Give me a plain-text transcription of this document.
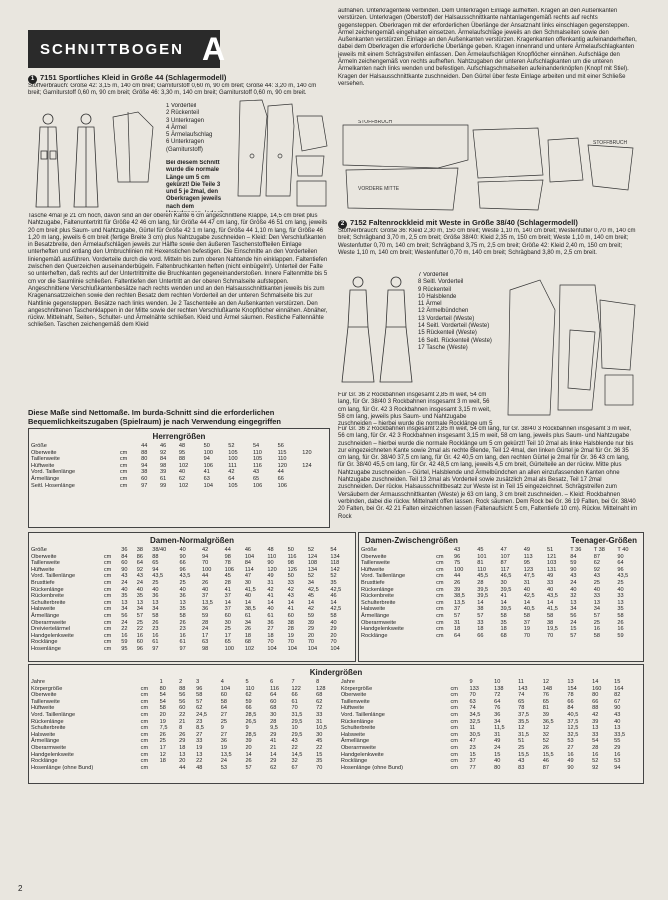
SCHNITTBOGEN A
1 7151 Sportliches Kleid in Größe 44 (Schlagermodell)
Stoffverbrauch: Größe 42: 3,15 m, 140 cm breit; Garniturstoff 0,60 m, 90 cm breit; Größe 44: 3,20 m, 140 cm breit; Garniturstoff 0,60 m, 90 cm breit; Größe 46: 3,30 m, 140 cm breit; Garniturstoff 0,60 m, 90 cm breit.
1 Vorderteil
2 Rückenteil
3 Unterkragen
4 Ärmel
5 Ärmelaufschlag
6 Unterkragen (Garniturstoff)
Bei diesem Schnitt wurde die normale Länge um 5 cm gekürzt! Die Teile 3 und 5 je 2mal, den Oberkragen jeweils nach dem
Tasche 4mal je 21 cm hoch, davon sind an der oberen Kante 6 cm angeschnittene Klappe, 14,5 cm breit plus Nahtzugabe, Faltenuntertritt für Größe 42 46 cm lang, für Größe 44 47 cm lang, für Größe 46 51 cm lang, jeweils 20 cm breit plus Saum- und Nahtzugabe, Gürtel für Größe 42 1 m lang, für Größe 44 1,10 m lang, für Größe 46 1,20 m lang, jeweils 6 cm breit (fertige Breite 3 cm) plus Nahtzugabe zuschneiden – Kleid: Den Verschlußkanten in Besatzbreite, den Ärmelaufschlägen jeweils zur Hälfte sowie den äußeren Taschenstoffteilen Einlage unterheften und entlang den Umbruchlinien mit Hexenstichen befestigen. Die Einschnitte an den Vorderteilen liniengemäß ausführen. Vorderteile durch die vord. Mitteln bis zum oberen Nahtende hin einklappen. Faltentiefen zwischen den Querzeichen auseinanderbügeln. Faltenbruchkanten heften (nicht einbügeln!). Unterteil der Falte so unterheften, daß rechts auf der Untertrittmitte die Bruchkanten gegeneinanderstoßen. Innere Faltenmitte bis 5 cm vor die Saumlinie schließen. Faltentiefen den Untertritt an der oberen Schmalseite aufsteppen. Angeschnittene Verschlußkantenbesätze nach rechts wenden und an den Halsausschnittkanten jeweils bis zum Kragenansatzzeichen sowie den rechten Besatz dem rechten Vorderteil an der unteren Schmalseite bis zur Nahtlinie gegensteppen. Besätze nach links wenden. Je 2 Taschenteile an den Außenkanten verstürzen. Den angeschnittenen Taschenklappen in der Mitte sowie der rechten Verschlußkante Knopflöcher einnähen. Abnäher, rückw. Mittelnaht, Seiten-, Schulter- und Ärmelnähte schließen. Kleid und Ärmel säumen. Restliche Faltennähte schließen. Taschen zeichengemäß dem Kleid
aufnähen. Unterkragenteile verbinden. Dem Unterkragen Einlage aufheften. Kragen an den Außenkanten verstürzen. Unterkragen (Oberstoff) der Halsausschnittkante nahtanlagengemäß rechts auf rechts gegensteppen. Oberkragen mit der erforderlichen Überlänge der Ansatznaht links einschlagen gegensteppen. Ärmel zeichengemäß eingehalten einsetzen. Ärmelaufschläge jeweils an den Schmalseiten sowie den Außenkanten verstürzen. Einlage an den Außenkanten verstürzen. Kragenkanten offenkantig aufeinanderheften, dabei dem Oberkragen die erforderliche Überlänge geben. Kragen innenrand und untere Ärmelaufschlagkanten jeweils mit einem Schrägstreifen einfassen. Den Ärmelaufschlägen Knopflöcher einnähen. Aufschläge den Ärmeln zeichengemäß von rechts aufheften. Nahtzugaben der unteren Aufschlagkanten um die unteren Ärmelkanten nach links wenden und befestigen. Aufschlagschmalseiten aufeinanderknöpfen (Knopf mit Stiel). Kragen der Halsausschnittkante zuschneiden. Den Gürtel über feste Einlage arbeiten und mit einer Schließe versehen.
STOFFBRUCH
STOFFBRUCH
VORDERE MITTE
2 7152 Faltenrockkleid mit Weste in Größe 38/40 (Schlagermodell)
Stoffverbrauch: Größe 36: Kleid 2,30 m, 150 cm breit; Weste 1,10 m, 140 cm breit; Westenfutter 0,70 m, 140 cm breit; Schrägband 3,70 m, 2,5 cm breit; Größe 38/40: Kleid 2,35 m, 150 cm breit; Weste 1,10 m, 140 cm breit; Westenfutter 0,70 m, 140 cm breit; Schrägband 3,75 m, 2,5 cm breit; Größe 42: Kleid 2,40 m, 150 cm breit; Weste 1,10 m, 140 cm breit; Westenfutter 0,70 m, 140 cm breit; Schrägband 3,80 m, 2,5 cm breit.
7 Vorderteil
8 Seitl. Vorderteil
9 Rückenteil
10 Halsblende
11 Ärmel
12 Ärmelbündchen
13 Vorderteil (Weste)
14 Seitl. Vorderteil (Weste)
15 Rückenteil (Weste)
16 Seitl. Rückenteil (Weste)
17 Tasche (Weste)
Für Gr. 36 2 Rockbahnen insgesamt 2,85 m weit, 54 cm lang, für Gr. 38/40 3 Rockbahnen insgesamt 3 m weit, 56 cm lang, für Gr. 42 3 Rockbahnen insgesamt 3,15 m weit, 58 cm lang, jeweils plus Saum- und Nahtzugabe zuschneiden – hierbei wurde die normale Rocklänge um 5
Für Gr. 36 2 Rockbahnen insgesamt 2,85 m weit, 54 cm lang, für Gr. 38/40 3 Rockbahnen insgesamt 3 m weit, 56 cm lang, für Gr. 42 3 Rockbahnen insgesamt 3,15 m weit, 58 cm lang, jeweils plus Saum- und Nahtzugabe zuschneiden – hierbei wurde die normale Rocklänge um 5 cm gekürzt! Teil 10 2mal als linke Halsblende nur bis zur eingezeichneten Kante sowie 2mal als rechte Blende, Teil 12 4mal, den linken Gürtel je 2mal für Gr. 36 35 cm lang, für Gr. 38/40 37,5 cm lang, für Gr. 42 40,5 cm lang, den rechten Gürtel je 2mal für Gr. 36 43 cm lang, für Gr. 38/40 45,5 cm lang, für Gr. 42 48,5 cm lang, jeweils 4,5 cm breit, Gürtelteile an der rückw. Mitte plus Nahtzugabe zuschneiden – Gürtel, Halsblende und Ärmelbündchen an allen einzufassenden Kanten ohne Nahtzugabe zuschneiden. Teil 13 2mal als Vorderteil sowie zusätzlich 2mal als Besatz, Teil 17 2mal zuschneiden. Der rückw. Halsausschnittbesatz zur Weste ist in Teil 15 eingezeichnet. Schrägstreifen zum Versäubern der Armausschnittkanten (Weste) je 63 cm lang, 3 cm breit zuschneiden. – Kleid: Rockbahnen verbinden, dabei die rückw. Mittelnaht offen lassen. Rock säumen. Dem Rock bei Gr. 36 19 Falten, bei Gr. 38/40 20 Falten, bei Gr. 42 21 Falten einzeichnen lassen (Faltenaufsicht 5 cm, Faltentiefe 10 cm). Rückw. Mittelnaht im Rock
Diese Maße sind Nettomaße. Im burda-Schnitt sind die erforderlichen Bequemlichkeitszugaben (Spielraum) je nach Verwendung eingegriffen
Herrengrößen
Größe		44	46	48	50	52	54	56	
Oberweite	cm	88	92	95	100	105	110	115	120
Taillenweite	cm	80	84	88	94	100	105	110	
Hüftweite	cm	94	98	102	106	111	116	120	124
Vord. Taillenlänge	cm	38	39	40	41	42	43	44	
Ärmellänge	cm	60	61	62	63	64	65	66	
Seitl. Hosenlänge	cm	97	99	102	104	105	106	106	
Damen-Normalgrößen
Größe		36	38	38/40	40	42	44	46	48	50	52	54
Oberweite	cm	84	86	88	90	94	98	104	110	116	124	134
Taillenweite	cm	60	64	65	66	70	78	84	90	98	108	118
Hüftweite	cm	90	92	94	96	100	106	114	120	126	134	142
Vord. Taillenlänge	cm	43	43	43,5	43,5	44	45	47	49	50	52	52
Brusttiefe	cm	24	24	25	25	26	28	30	31	33	34	35
Rückenlänge	cm	40	40	40	40	40	41	41,5	42	42	42,5	42,5
Rückenbreite	cm	35	35	36	36	37	37	40	41	43	45	46
Schulterbreite	cm	13	13	13	13	13,5	14	14	14	14	14	14
Halsweite	cm	34	34	34	35	36	37	38,5	40	41	42	42,5
Ärmellänge	cm	56	57	58	58	59	60	61	61	60	59	58
Oberarmweite	cm	24	25	26	26	28	30	34	36	38	39	40
Dreiviertelärmel	cm	22	22	23	23	24	25	26	27	28	29	29
Handgelenkweite	cm	16	16	16	16	17	17	18	18	19	20	20
Rocklänge	cm	59	60	61	61	63	65	68	70	70	70	70
Hosenlänge	cm	95	96	97	97	98	100	102	104	104	104	104
Damen-Zwischengrößen	Teenager-Größen
Größe		43	45	47	49	51	T 36	T 38	T 40
Oberweite	cm	96	101	107	113	121	84	87	90
Taillenweite	cm	75	81	87	95	103	59	62	64
Hüftweite	cm	100	110	117	123	131	90	92	96
Vord. Taillenlänge	cm	44	45,5	46,5	47,5	49	43	43	43,5
Brusttiefe	cm	26	28	30	31	33	24	25	25
Rückenlänge	cm	39	39,5	39,5	40	40	40	40	40
Rückenbreite	cm	38,5	39,5	41	42,5	43,5	32	33	33
Schulterbreite	cm	13,5	14	14	14	14	13	13	13
Halsweite	cm	37	38	39,5	40,5	41,5	34	34	35
Ärmellänge	cm	57	57	58	58	58	56	57	58
Oberarmweite	cm	31	33	35	37	38	24	25	26
Handgelenkweite	cm	18	18	18	19	19,5	15	16	16
Rocklänge	cm	64	66	68	70	70	57	58	59
Kindergrößen
Jahre		1	2	3	4	5	6	7	8	Jahre		9	10	11	12	13	14	15
Körpergröße	cm	80	88	96	104	110	116	122	128	Körpergröße	cm	133	138	143	148	154	160	164
Oberweite	cm	54	56	58	60	62	64	66	68	Oberweite	cm	70	72	74	76	78	80	82
Taillenweite	cm	54	56	57	58	59	60	61	62	Taillenweite	cm	63	64	65	65	66	66	67
Hüftweite	cm	58	60	62	64	66	68	70	72	Hüftweite	cm	74	76	78	81	84	88	90
Vord. Taillenlänge	cm	20	22	24,5	27	28,5	30	31,5	33	Vord. Taillenlänge	cm	34,5	36	37,5	39	40,5	42	43
Rückenlänge	cm	19	21	23	25	26,5	28	29,5	31	Rückenlänge	cm	32,5	34	35,5	36,5	37,5	39	40
Schulterbreite	cm	7,5	8	8,5	9	9	9,5	10	10,5	Schulterbreite	cm	11	11,5	12	12	12,5	13	13
Halsweite	cm	26	26	27	27	28,5	29	29,5	30	Halsweite	cm	30,5	31	31,5	32	32,5	33	33,5
Ärmellänge	cm	25	29	33	36	39	41	43	45	Ärmellänge	cm	47	49	51	52	53	54	55
Oberarmweite	cm	17	18	19	19	20	21	22	22	Oberarmweite	cm	23	24	25	26	27	28	29
Handgelenkweite	cm	12	13	13	13,5	14	14	14,5	15	Handgelenkweite	cm	15	15	15,5	15,5	16	16	16
Rocklänge	cm	18	20	22	24	26	29	32	35	Rocklänge	cm	37	40	43	46	49	52	53
Hosenlänge (ohne Bund)	cm		44	48	53	57	62	67	70	Hosenlänge (ohne Bund)	cm	77	80	83	87	90	92	94
2
